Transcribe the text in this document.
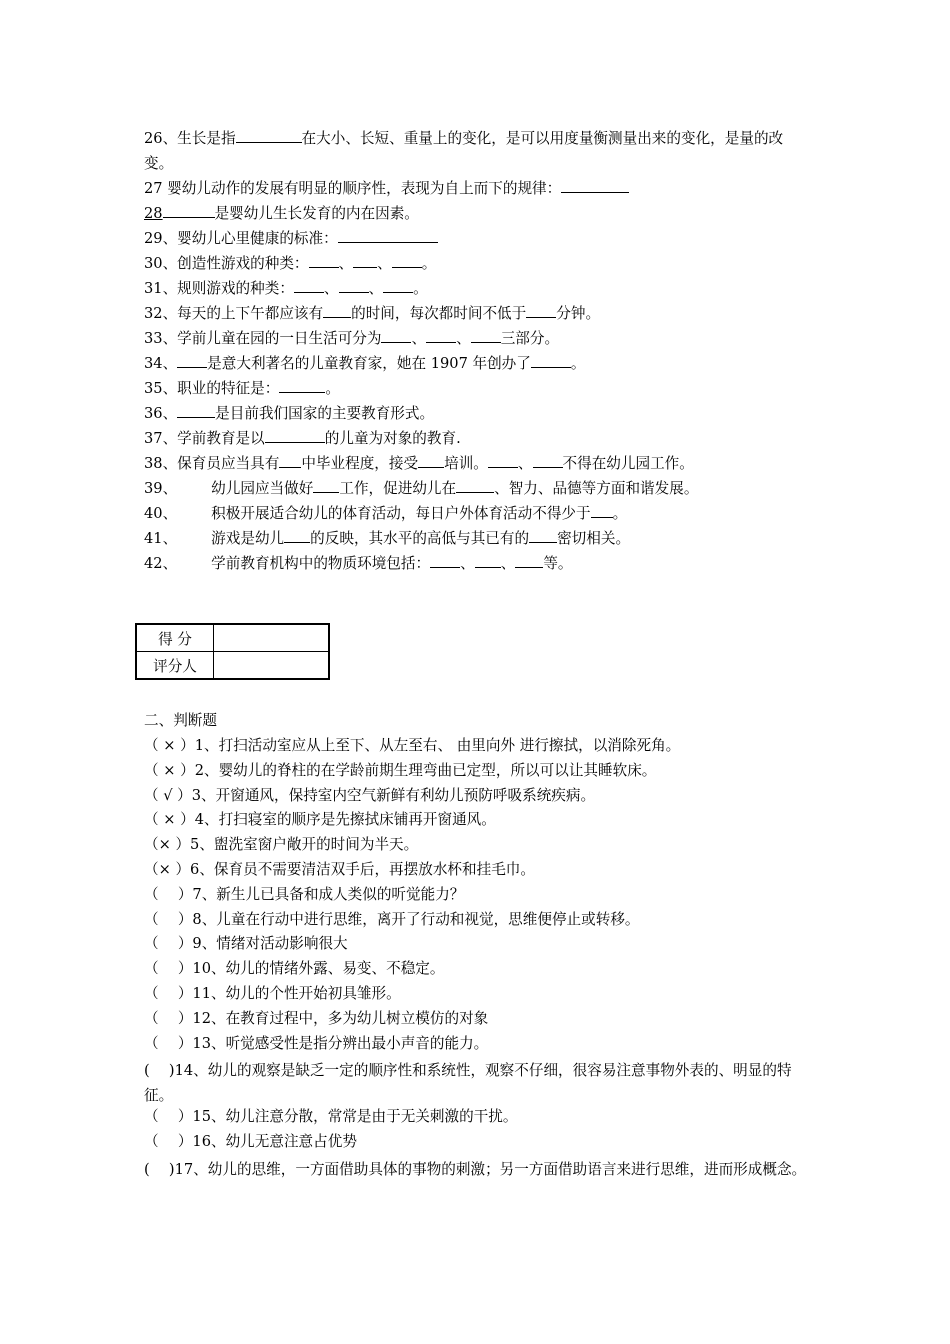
26、生长是指	在大小、长短、重量上的变化，是可以用度量衡测量出来的变化，是量的改变。
27 婴幼儿动作的发展有明显的顺序性，表现为自上而下的规律：
28	是婴幼儿生长发育的内在因素。
29、婴幼儿心里健康的标准：
30、创造性游戏的种类： 、 、 。
31、规则游戏的种类： 、 、 。
32、每天的上下午都应该有 的时间，每次都时间不低于 分钟。
33、学前儿童在园的一日生活可分为 、 、 三部分。
34、 是意大利著名的儿童教育家，她在 1907 年创办了	。
35、职业的特征是：	。
36、	是目前我们国家的主要教育形式。
37、学前教育是以	的儿童为对象的教育.
38、保育员应当具有 中毕业程度，接受 培训。 、 不得在幼儿园工作。
39、 幼儿园应当做好 工作，促进幼儿在	、智力、品德等方面和谐发展。
40、 积极开展适合幼儿的体育活动，每日户外体育活动不得少于 。
41、 游戏是幼儿 的反映，其水平的高低与其已有的 密切相关。
42、 学前教育机构中的物质环境包括： 、 、 等。
得 分	
评分人	
二、判断题
（ × ）1、打扫活动室应从上至下、从左至右、 由里向外 进行擦拭，以消除死角。
（ × ）2、婴幼儿的脊柱的在学龄前期生理弯曲已定型，所以可以让其睡软床。
（ √ ）3、开窗通风，保持室内空气新鲜有利幼儿预防呼吸系统疾病。
（ × ）4、打扫寝室的顺序是先擦拭床铺再开窗通风。
（× ）5、盥洗室窗户敞开的时间为半天。
（× ）6、保育员不需要清洁双手后，再摆放水杯和挂毛巾。
（　 ）7、新生儿已具备和成人类似的听觉能力？
（　 ）8、儿童在行动中进行思维，离开了行动和视觉，思维便停止或转移。
（　 ）9、情绪对活动影响很大
（　 ）10、幼儿的情绪外露、易变、不稳定。
（　 ）11、幼儿的个性开始初具雏形。
（　 ）12、在教育过程中，多为幼儿树立模仿的对象
（　 ）13、听觉感受性是指分辨出最小声音的能力。
(　 )14、幼儿的观察是缺乏一定的顺序性和系统性，观察不仔细，很容易注意事物外表的、明显的特征。
（　 ）15、幼儿注意分散，常常是由于无关刺激的干扰。
（　 ）16、幼儿无意注意占优势
(　 )17、幼儿的思维，一方面借助具体的事物的刺激；另一方面借助语言来进行思维，进而形成概念。
